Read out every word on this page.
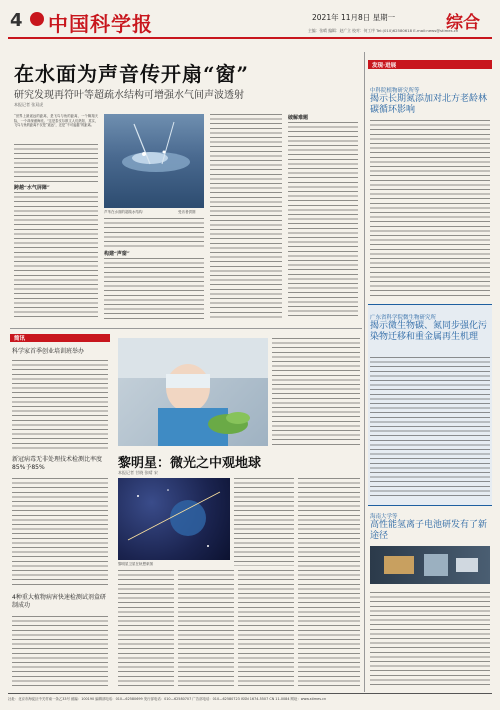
4 中国科学报	2021年 11月8日 星期一	综合
主编：张晴 编辑：赵广立 校对：何工序 Tel:(010)62580618 E-mail:news@stimes.cn
在水面为声音传开扇“窗”
研究发现再符叶等超疏水结构可增强水气间声波透射
本报记者 张双虎
“世界上最遥远的距离，是飞鸟与鱼的距离，一个翱翔天际，一个却深潜海底。”这是泰戈尔散文人们熟知，其实，飞鸟与鱼的距离不仅是“遥远”，还是“不可逾越”的距离。
跨越“水气屏障”
芦苇在水面的超疏水结构	受访者供图
构建“声窗”
破解难题
发现·进展
中科院植物研究所等
揭示长期氮添加对北方老龄林碳循环影响
广东省科学院微生物研究所
揭示微生物碳、氮同步强化污染物迁移和重金属再生机理
海南大学等
高性能氢离子电池研发有了新途径
简讯
科学家首季创业培训班举办
新冠病毒无非处理技术检测比率度85%予85%
4种重大植物病害快速检测试剂盒研制成功
黎明星：微光之中观地球
本报记者 甘晓 张晴 宋
黎明星卫星在轨想象图
社址：北京市海淀区中关村南一条乙33号 邮编：100190 编辑部电话：010—62580699 发行部电话：010—62580707 广告部电话：010—62580723 ISSN 1674-5507 CN 11-0084 网址：www.stimes.cn
